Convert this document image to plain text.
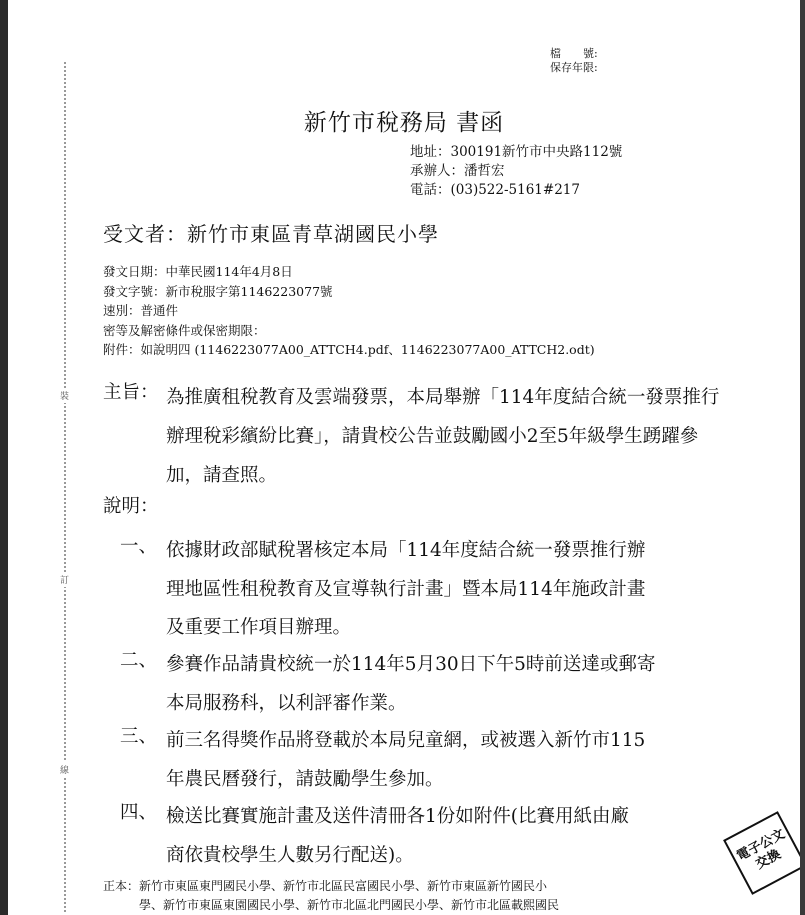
裝
訂
線
檔　　號:
保存年限:
新竹市稅務局 書函
地址：300191新竹市中央路112號
承辦人：潘哲宏
電話：(03)522-5161#217
受文者：新竹市東區青草湖國民小學
發文日期：中華民國114年4月8日
發文字號：新市稅服字第1146223077號
速別：普通件
密等及解密條件或保密期限：
附件：如說明四 (1146223077A00_ATTCH4.pdf、1146223077A00_ATTCH2.odt)
主旨： 為推廣租稅教育及雲端發票，本局舉辦「114年度結合統一發票推行辦理稅彩繽紛比賽」，請貴校公告並鼓勵國小2至5年級學生踴躍參加，請查照。
說明：
一、 依據財政部賦稅署核定本局「114年度結合統一發票推行辦
理地區性租稅教育及宣導執行計畫」暨本局114年施政計畫
及重要工作項目辦理。
二、 參賽作品請貴校統一於114年5月30日下午5時前送達或郵寄
本局服務科，以利評審作業。
三、 前三名得獎作品將登載於本局兒童網，或被選入新竹市115
年農民曆發行，請鼓勵學生參加。
四、 檢送比賽實施計畫及送件清冊各1份如附件(比賽用紙由廠
商依貴校學生人數另行配送)。	電子公文交換
正本：新竹市東區東門國民小學、新竹市北區民富國民小學、新竹市東區新竹國民小
　　　學、新竹市東區東園國民小學、新竹市北區北門國民小學、新竹市北區載熙國民
